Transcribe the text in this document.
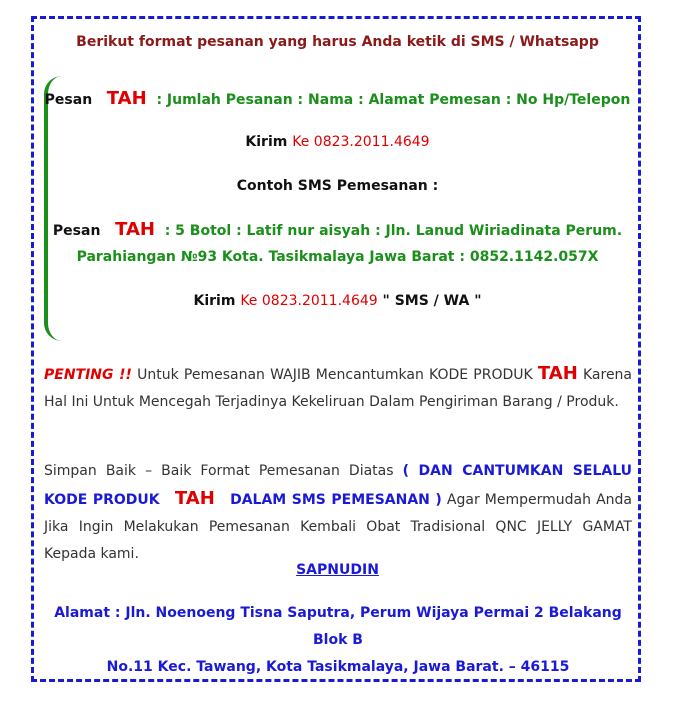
Berikut format pesanan yang harus Anda ketik di SMS / Whatsapp
Pesan TAH : Jumlah Pesanan : Nama : Alamat Pemesan : No Hp/Telepon
Kirim Ke 0823.2011.4649
Contoh SMS Pemesanan :
Pesan TAH : 5 Botol : Latif nur aisyah : Jln. Lanud Wiriadinata Perum.
Parahiangan №93 Kota. Tasikmalaya Jawa Barat : 0852.1142.057X
Kirim Ke 0823.2011.4649 " SMS / WA "
PENTING !! Untuk Pemesanan WAJIB Mencantumkan KODE PRODUK TAH Karena Hal Ini Untuk Mencegah Terjadinya Kekeliruan Dalam Pengiriman Barang / Produk.
Simpan Baik – Baik Format Pemesanan Diatas ( DAN CANTUMKAN SELALU KODE PRODUK TAH DALAM SMS PEMESANAN ) Agar Mempermudah Anda Jika Ingin Melakukan Pemesanan Kembali Obat Tradisional QNC JELLY GAMAT Kepada kami.
SAPNUDIN
Alamat : Jln. Noenoeng Tisna Saputra, Perum Wijaya Permai 2 Belakang Blok B
No.11 Kec. Tawang, Kota Tasikmalaya, Jawa Barat. – 46115
